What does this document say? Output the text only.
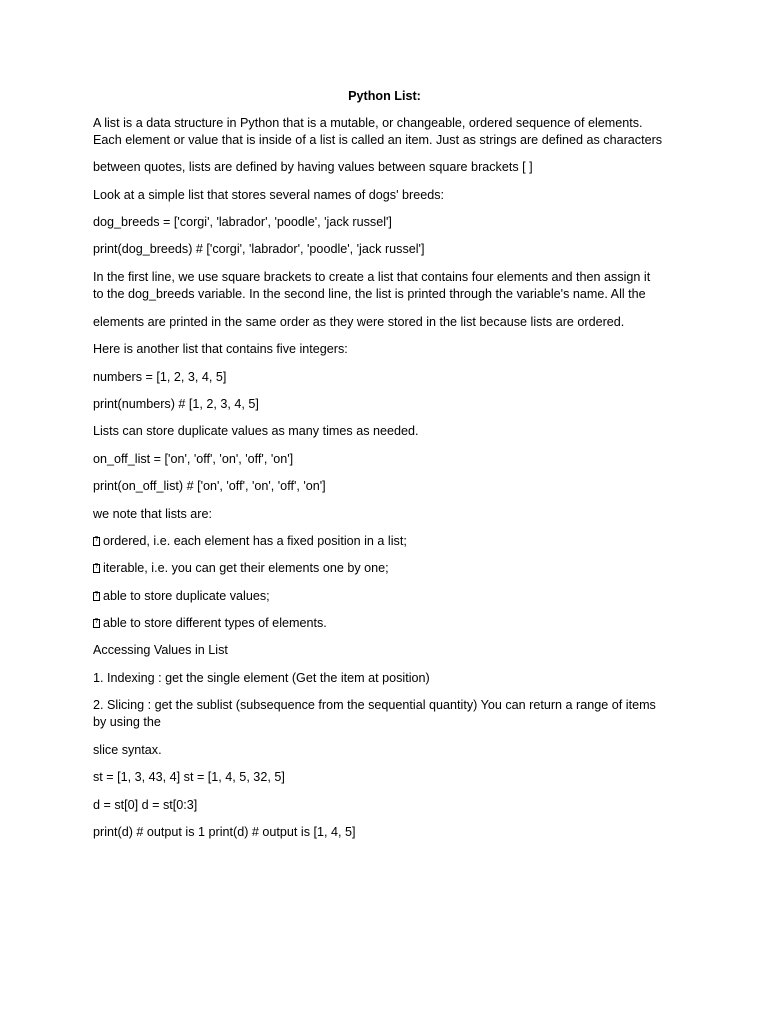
Python List:
A list is a data structure in Python that is a mutable, or changeable, ordered sequence of elements.
Each element or value that is inside of a list is called an item. Just as strings are defined as characters
between quotes, lists are defined by having values between square brackets [ ]
Look at a simple list that stores several names of dogs' breeds:
dog_breeds = ['corgi', 'labrador', 'poodle', 'jack russel']
print(dog_breeds) # ['corgi', 'labrador', 'poodle', 'jack russel']
In the first line, we use square brackets to create a list that contains four elements and then assign it
to the dog_breeds variable. In the second line, the list is printed through the variable's name. All the
elements are printed in the same order as they were stored in the list because lists are ordered.
Here is another list that contains five integers:
numbers = [1, 2, 3, 4, 5]
print(numbers) # [1, 2, 3, 4, 5]
Lists can store duplicate values as many times as needed.
on_off_list = ['on', 'off', 'on', 'off', 'on']
print(on_off_list) # ['on', 'off', 'on', 'off', 'on']
we note that lists are:
?ordered, i.e. each element has a fixed position in a list;
?iterable, i.e. you can get their elements one by one;
?able to store duplicate values;
?able to store different types of elements.
Accessing Values in List
1. Indexing : get the single element (Get the item at position)
2. Slicing : get the sublist (subsequence from the sequential quantity) You can return a range of items
by using the
slice syntax.
st = [1, 3, 43, 4] st = [1, 4, 5, 32, 5]
d = st[0] d = st[0:3]
print(d) # output is 1 print(d) # output is [1, 4, 5]
